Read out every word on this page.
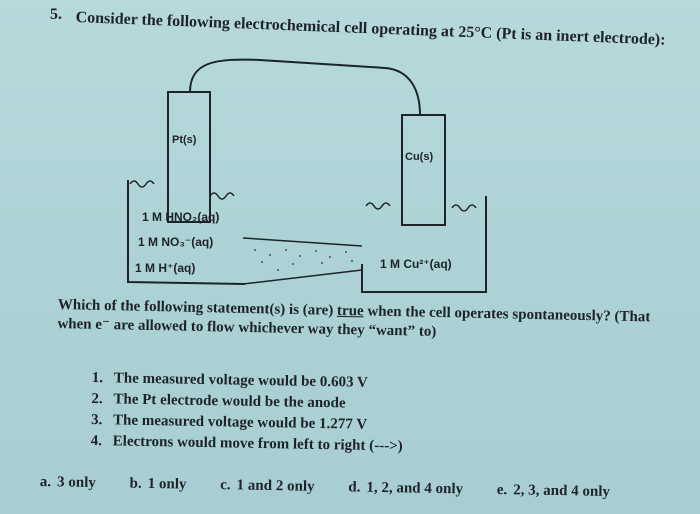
5. Consider the following electrochemical cell operating at 25°C (Pt is an inert electrode):
Pt(s)
Cu(s)
1 M HNO₂(aq)
1 M NO₃⁻(aq)
1 M H⁺(aq)	1 M Cu²⁺(aq)
Which of the following statement(s) is (are) true when the cell operates spontaneously? (That
when e⁻ are allowed to flow whichever way they “want” to)
1. The measured voltage would be 0.603 V
2. The Pt electrode would be the anode
3. The measured voltage would be 1.277 V
4. Electrons would move from left to right (--->)
a. 3 only b. 1 only c. 1 and 2 only d. 1, 2, and 4 only e. 2, 3, and 4 only
